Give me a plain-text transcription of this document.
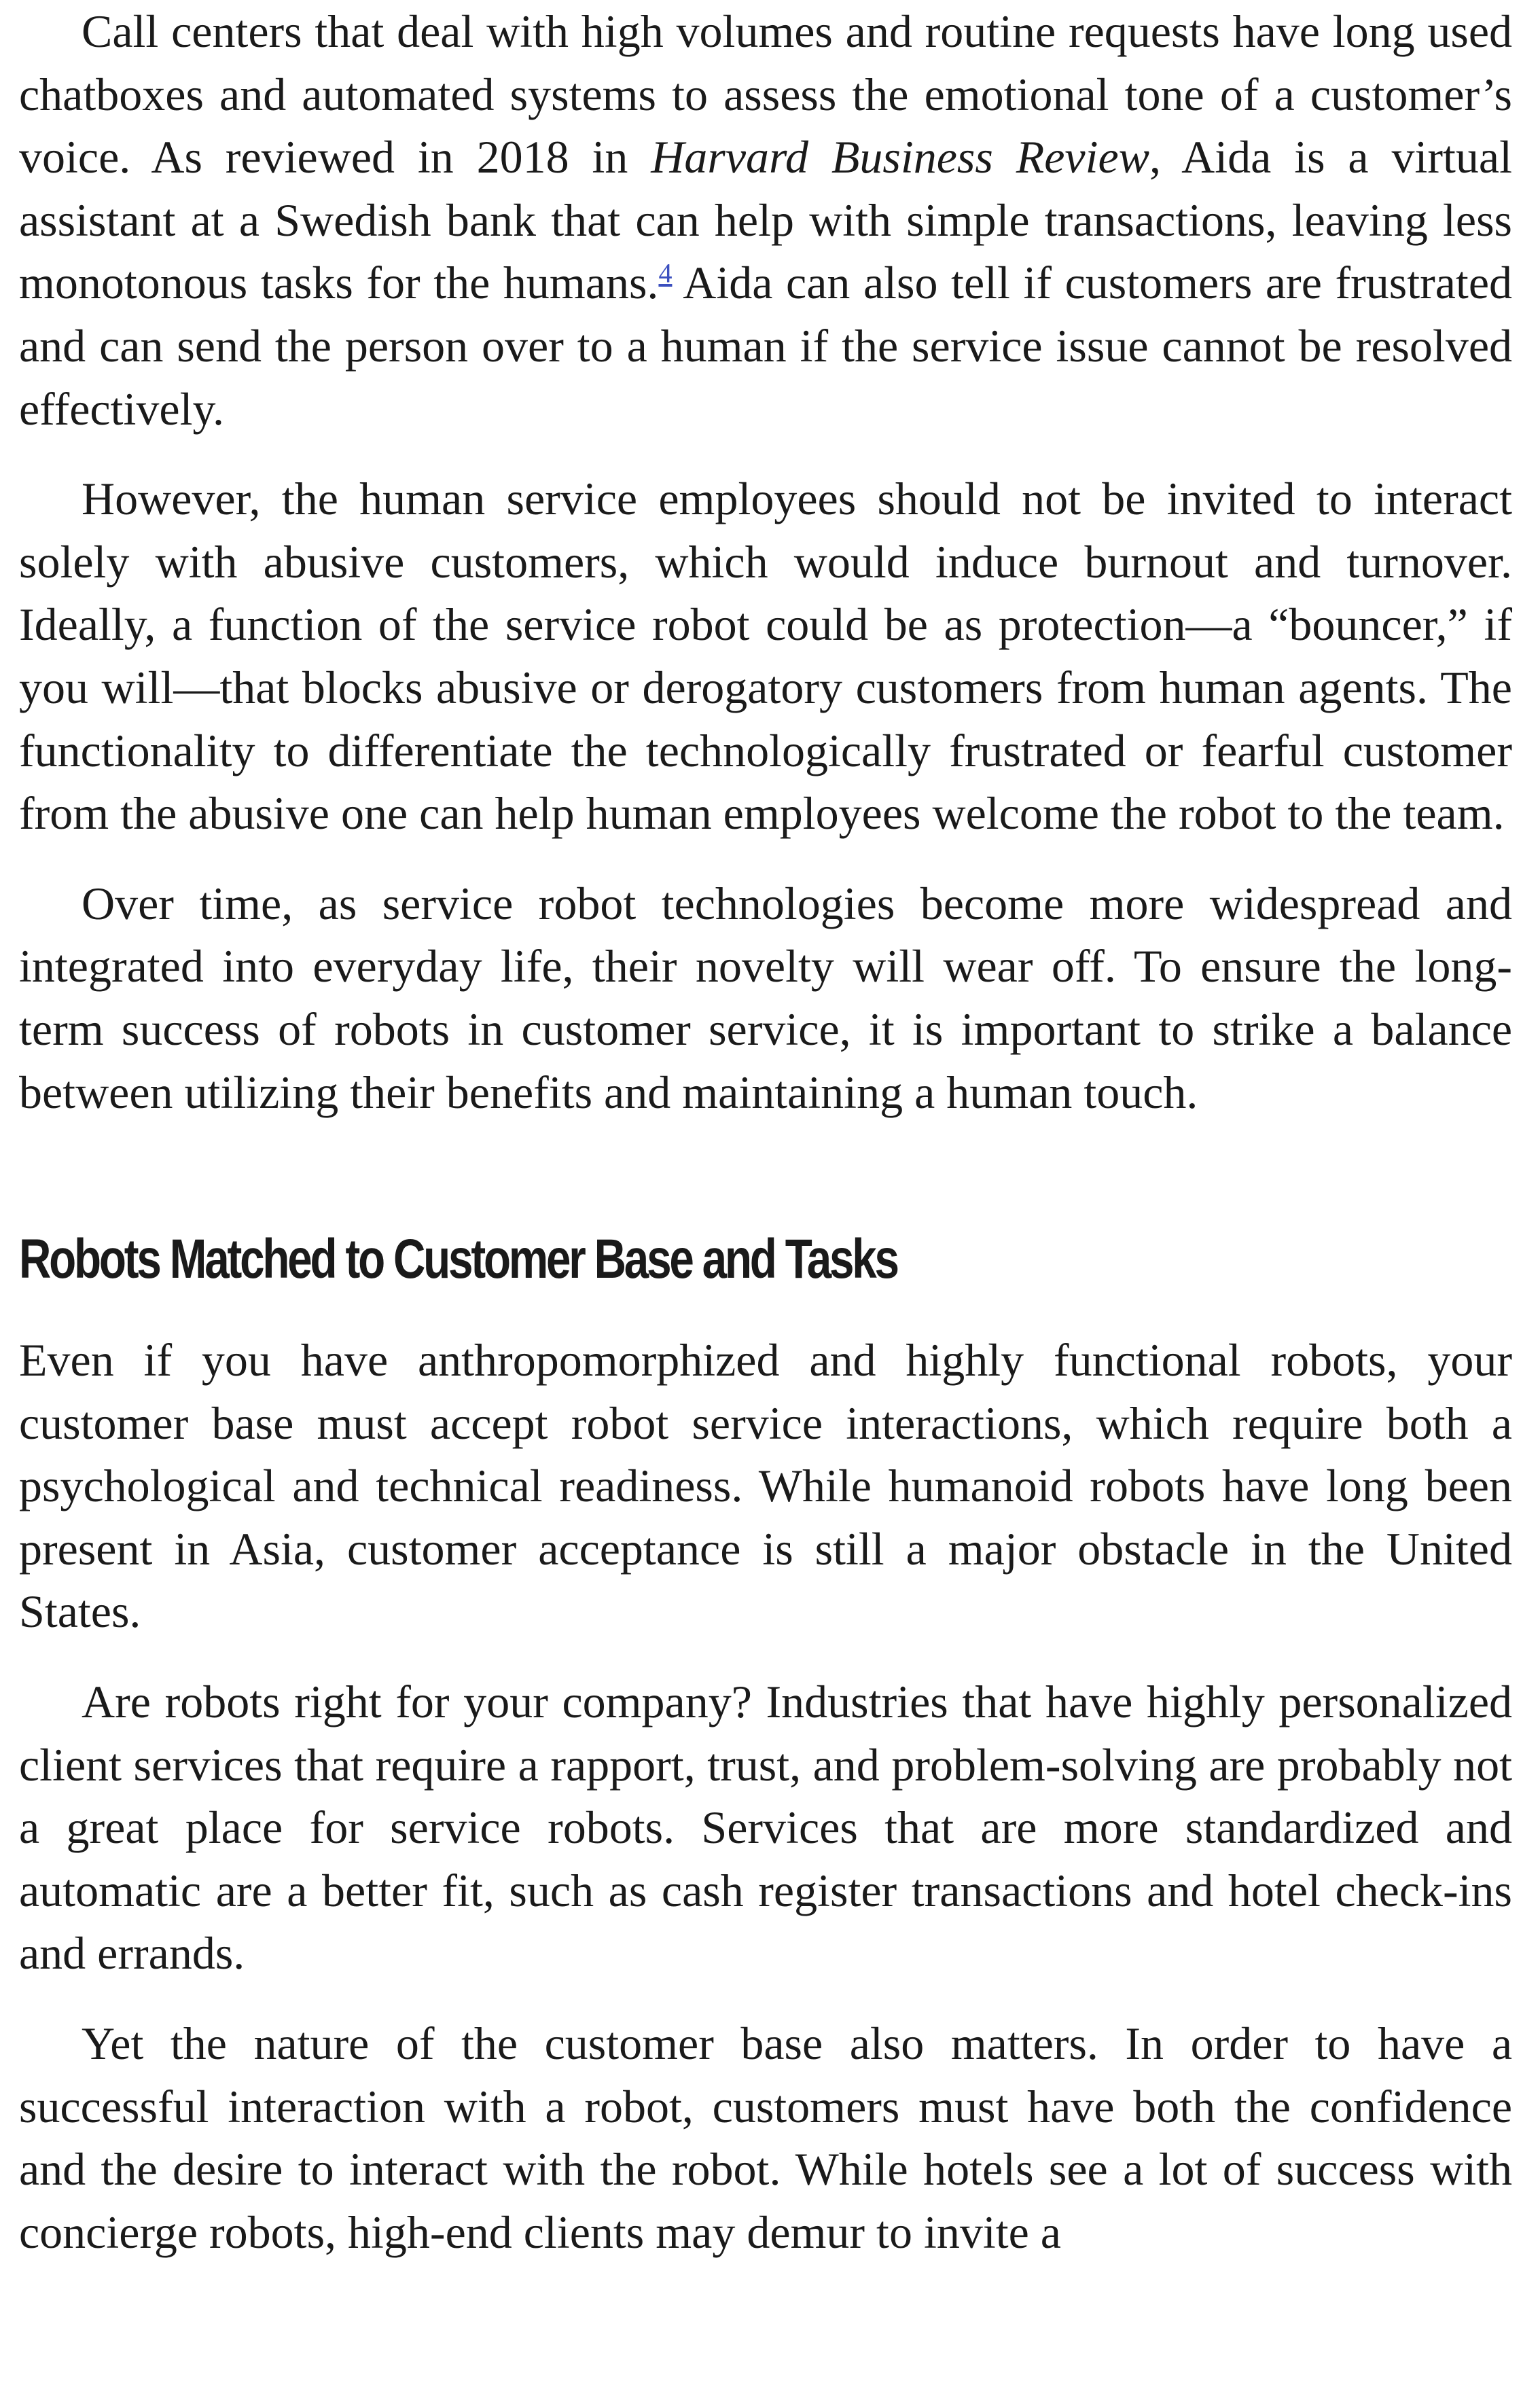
Call centers that deal with high volumes and routine requests have long used chatboxes and automated systems to assess the emotional tone of a customer’s voice. As reviewed in 2018 in Harvard Business Review, Aida is a virtual assistant at a Swedish bank that can help with simple transactions, leaving less monotonous tasks for the humans.$^4$ Aida can also tell if customers are frustrated and can send the person over to a human if the service issue cannot be resolved effectively.

However, the human service employees should not be invited to interact solely with abusive customers, which would induce burnout and turnover. Ideally, a function of the service robot could be as protection—a “bouncer,” if you will—that blocks abusive or derogatory customers from human agents. The functionality to differentiate the technologically frustrated or fearful customer from the abusive one can help human employees welcome the robot to the team.

Over time, as service robot technologies become more widespread and integrated into everyday life, their novelty will wear off. To ensure the long-term success of robots in customer service, it is important to strike a balance between utilizing their benefits and maintaining a human touch.

Robots Matched to Customer Base and Tasks

Even if you have anthropomorphized and highly functional robots, your customer base must accept robot service interactions, which require both a psychological and technical readiness. While humanoid robots have long been present in Asia, customer acceptance is still a major obstacle in the United States.

Are robots right for your company? Industries that have highly personalized client services that require a rapport, trust, and problem-solving are probably not a great place for service robots. Services that are more standardized and automatic are a better fit, such as cash register transactions and hotel check-ins and errands.

Yet the nature of the customer base also matters. In order to have a successful interaction with a robot, customers must have both the confidence and the desire to interact with the robot. While hotels see a lot of success with concierge robots, high-end clients may demur to invite a
